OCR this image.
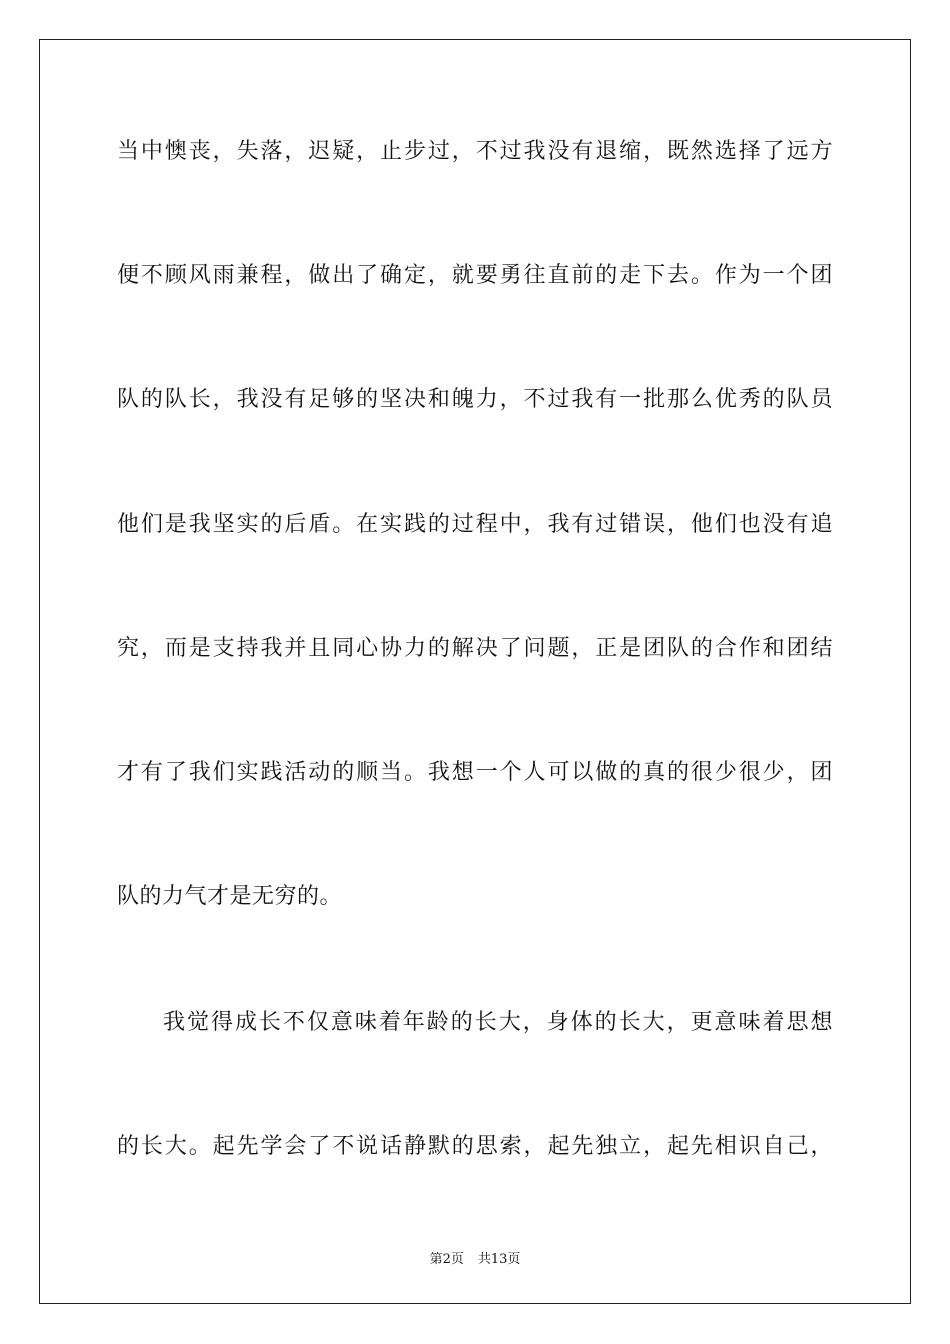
当中懊丧，失落，迟疑，止步过，不过我没有退缩，既然选择了远方
便不顾风雨兼程，做出了确定，就要勇往直前的走下去。作为一个团
队的队长，我没有足够的坚决和魄力，不过我有一批那么优秀的队员
他们是我坚实的后盾。在实践的过程中，我有过错误，他们也没有追
究，而是支持我并且同心协力的解决了问题，正是团队的合作和团结
才有了我们实践活动的顺当。我想一个人可以做的真的很少很少，团
队的力气才是无穷的。
我觉得成长不仅意味着年龄的长大，身体的长大，更意味着思想
的长大。起先学会了不说话静默的思索，起先独立，起先相识自己，
第2页 共13页
